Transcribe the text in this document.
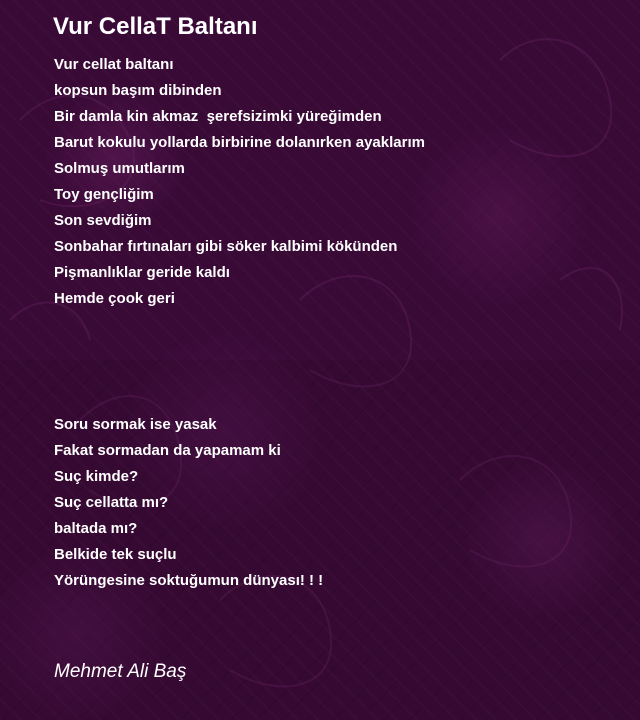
Vur CellaT Baltanı
Vur cellat baltanı
kopsun başım dibinden
Bir damla kin akmaz  şerefsizimki yüreğimden
Barut kokulu yollarda birbirine dolanırken ayaklarım
Solmuş umutlarım
Toy gençliğim
Son sevdiğim
Sonbahar fırtınaları gibi söker kalbimi kökünden
Pişmanlıklar geride kaldı
Hemde çook geri
Soru sormak ise yasak
Fakat sormadan da yapamam ki
Suç kimde?
Suç cellatta mı?
baltada mı?
Belkide tek suçlu
Yörüngesine soktuğumun dünyası! ! !
Mehmet Ali Baş
